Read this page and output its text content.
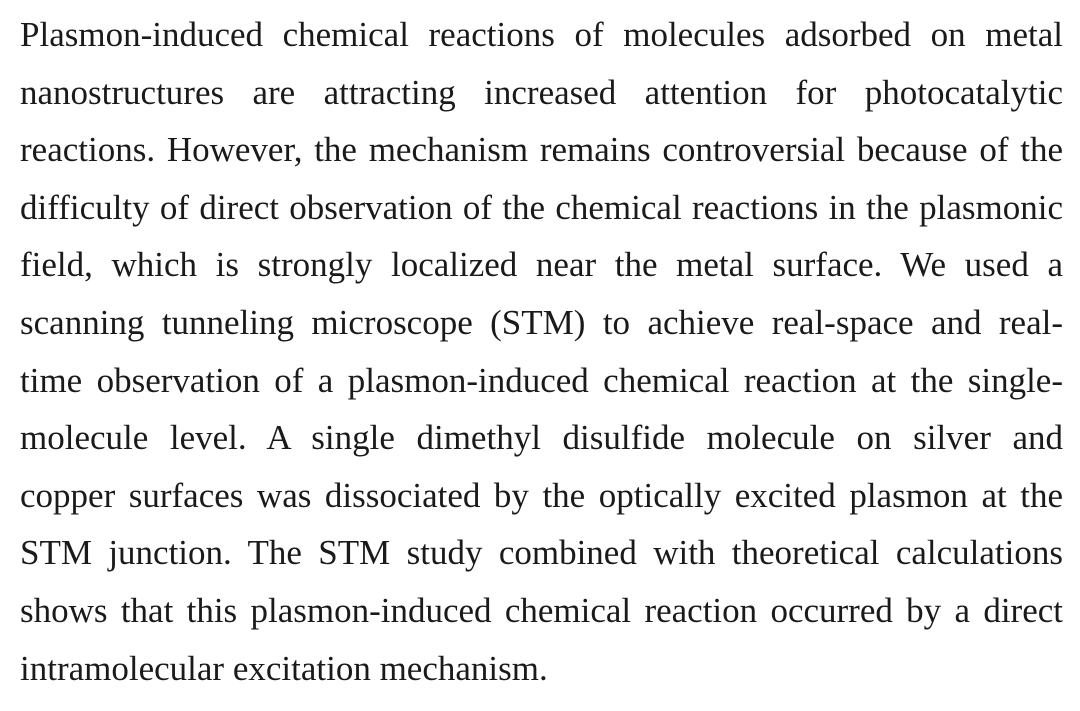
Plasmon-induced chemical reactions of molecules adsorbed on metal
nanostructures are attracting increased attention for photocatalytic
reactions. However, the mechanism remains controversial because of the
difficulty of direct observation of the chemical reactions in the plasmonic
field, which is strongly localized near the metal surface. We used a
scanning tunneling microscope (STM) to achieve real-space and real-
time observation of a plasmon-induced chemical reaction at the single-
molecule level. A single dimethyl disulfide molecule on silver and
copper surfaces was dissociated by the optically excited plasmon at the
STM junction. The STM study combined with theoretical calculations
shows that this plasmon-induced chemical reaction occurred by a direct
intramolecular excitation mechanism.
